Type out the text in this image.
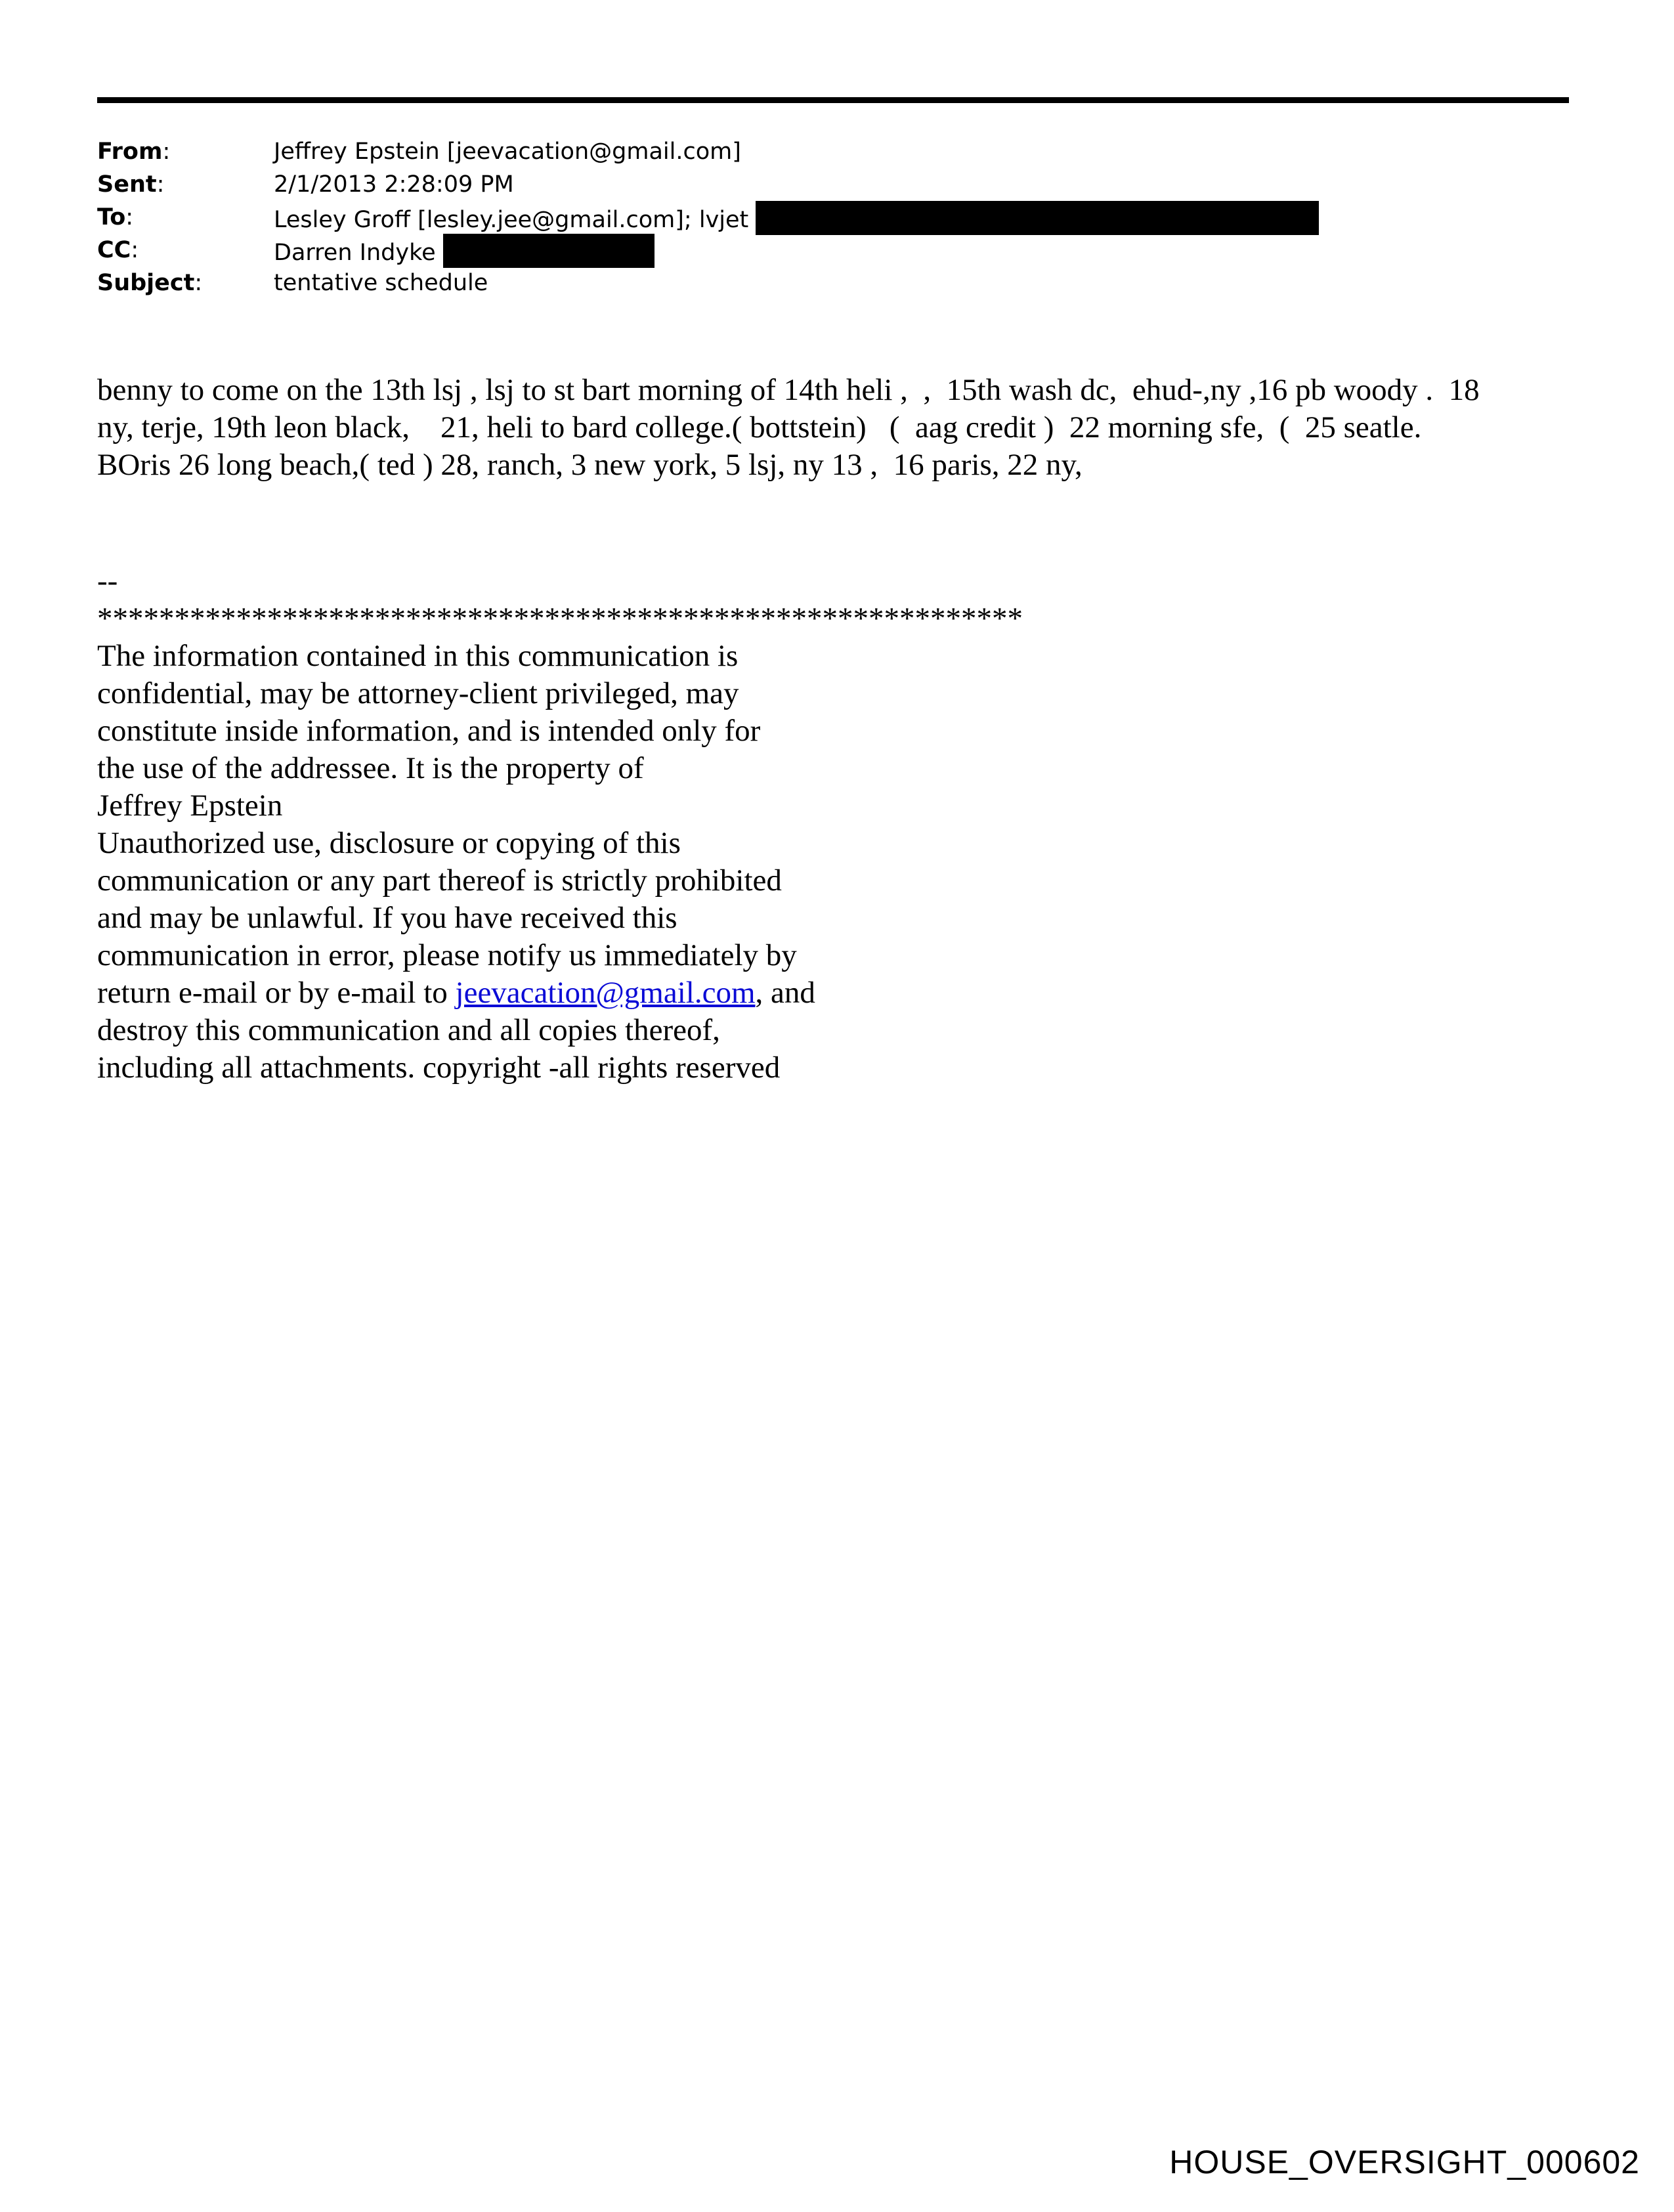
From:	Jeffrey Epstein [jeevacation@gmail.com]
Sent:	2/1/2013 2:28:09 PM
To:	Lesley Groff [lesley.jee@gmail.com]; lvjet
CC:	Darren Indyke
Subject:	tentative schedule
benny to come on the 13th lsj , lsj to st bart morning of 14th heli ,  ,  15th wash dc,  ehud-,ny ,16 pb woody .  18
ny, terje, 19th leon black,    21, heli to bard college.( bottstein)   (  aag credit )  22 morning sfe,  (  25 seatle.
BOris 26 long beach,( ted ) 28, ranch, 3 new york, 5 lsj, ny 13 ,  16 paris, 22 ny,

--
************************************************************
The information contained in this communication is
confidential, may be attorney-client privileged, may
constitute inside information, and is intended only for
the use of the addressee. It is the property of
Jeffrey Epstein
Unauthorized use, disclosure or copying of this
communication or any part thereof is strictly prohibited
and may be unlawful. If you have received this
communication in error, please notify us immediately by
return e-mail or by e-mail to jeevacation@gmail.com, and
destroy this communication and all copies thereof,
including all attachments. copyright -all rights reserved

HOUSE_OVERSIGHT_000602
